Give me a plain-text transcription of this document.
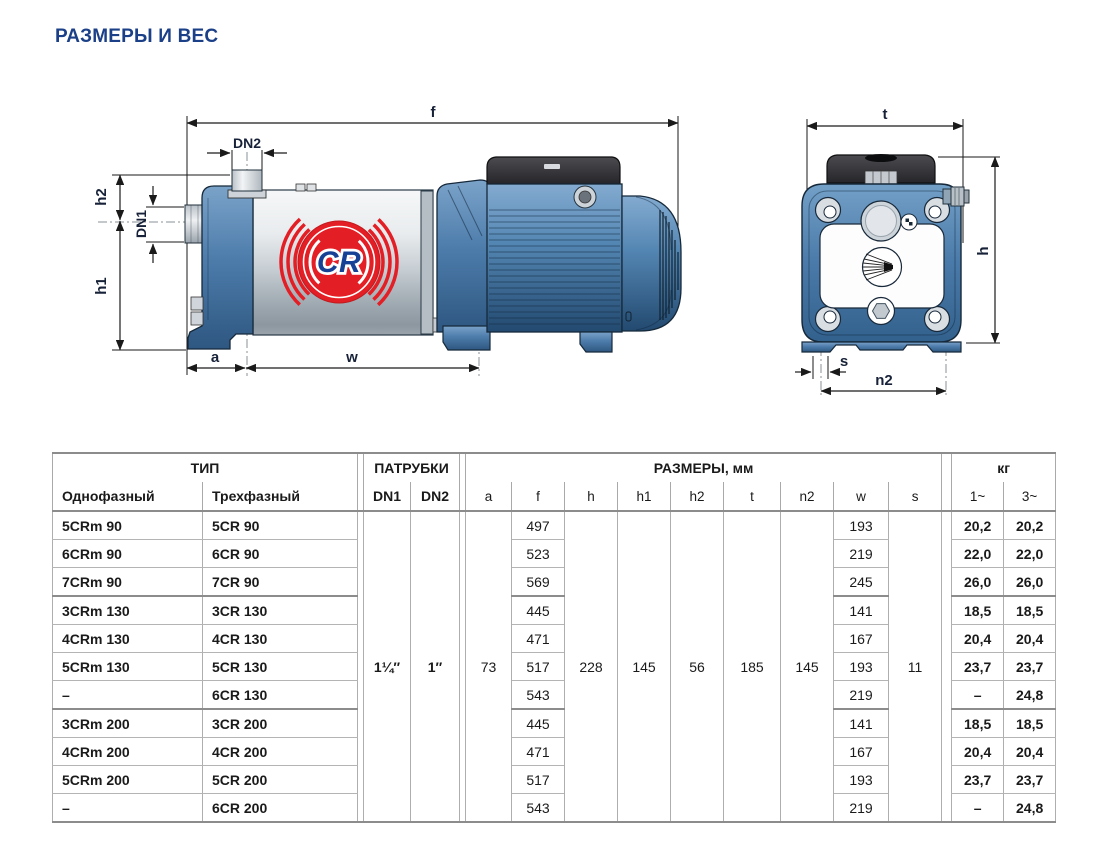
РАЗМЕРЫ И ВЕС
f
DN2
h2
h1
DN1
a	w
CR
t
h
s
n2
ТИП			ПАТРУБКИ			РАЗМЕРЫ, мм										кг	
Однофазный	Трехфазный		DN1	DN2		a	f	h	h1	h2	t	n2	w	s		1~	3~
5CRm 90	5CR 90		1¼″	1″		73	497	228	145	56	185	145	193	11		20,2	20,2
6CRm 90	6CR 90						523						219			22,0	22,0
7CRm 90	7CR 90						569						245			26,0	26,0
3CRm 130	3CR 130						445						141			18,5	18,5
4CRm 130	4CR 130						471						167			20,4	20,4
5CRm 130	5CR 130						517						193			23,7	23,7
–	6CR 130						543						219			–	24,8
3CRm 200	3CR 200						445						141			18,5	18,5
4CRm 200	4CR 200						471						167			20,4	20,4
5CRm 200	5CR 200						517						193			23,7	23,7
–	6CR 200						543						219			–	24,8
